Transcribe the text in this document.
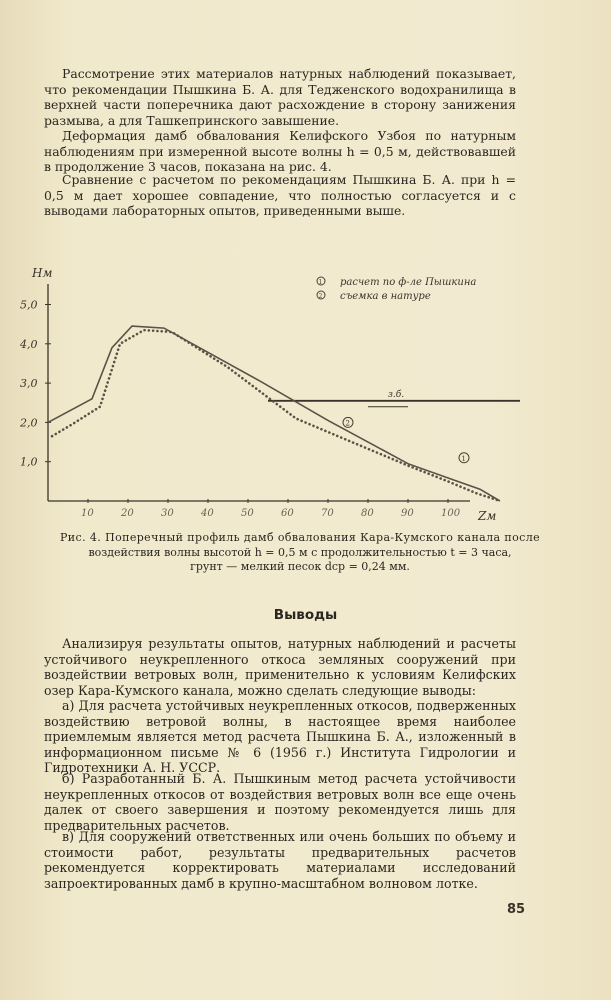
Рассмотрение этих материалов натурных наблюдений показывает, что рекомендации Пышкина Б. А. для Теджeнского водохранилища в верхней части поперечника дают расхождение в сторону занижения размыва, а для Ташкепринского завышение.

Деформация дамб обвалования Келифского Узбоя по натурным наблюдениям при измеренной высоте волны h = 0,5 м, действовавшей в продолжение 3 часов, показана на рис. 4.

Сравнение с расчетом по рекомендациям Пышкина Б. А. при h = 0,5 м дает хорошее совпадение, что полностью согласуется и с выводами лабораторных опытов, приведенными выше.

Hм
Zм
1 расчет по ф-ле Пышкина
2 съемка в натуре
5,0
4,0
3,0
2,0
1,0
10	20	30	40	50	60	70	80	90	100
з.б.
1
2

Рис. 4. Поперечный профиль дамб обвалования Кара-Кумского канала после
воздействия волны высотой h = 0,5 м с продолжительностью t = 3 часа,
грунт — мелкий песок dср = 0,24 мм.

Выводы

Анализируя результаты опытов, натурных наблюдений и расчеты устойчивого неукрепленного откоса земляных сооружений при воздействии ветровых волн, применительно к условиям Келифских озер Кара-Кумского канала, можно сделать следующие выводы:

а) Для расчета устойчивых неукрепленных откосов, подверженных воздействию ветровой волны, в настоящее время наиболее приемлемым является метод расчета Пышкина Б. А., изложенный в информационном письме № 6 (1956 г.) Института Гидрологии и Гидротехники А. Н. УССР.

б) Разработанный Б. А. Пышкиным метод расчета устойчивости неукрепленных откосов от воздействия ветровых волн все еще очень далек от своего завершения и поэтому рекомендуется лишь для предварительных расчетов.

в) Для сооружений ответственных или очень больших по объему и стоимости работ, результаты предварительных расчетов рекомендуется корректировать материалами исследований запроектированных дамб в крупно-масштабном волновом лотке.

85
